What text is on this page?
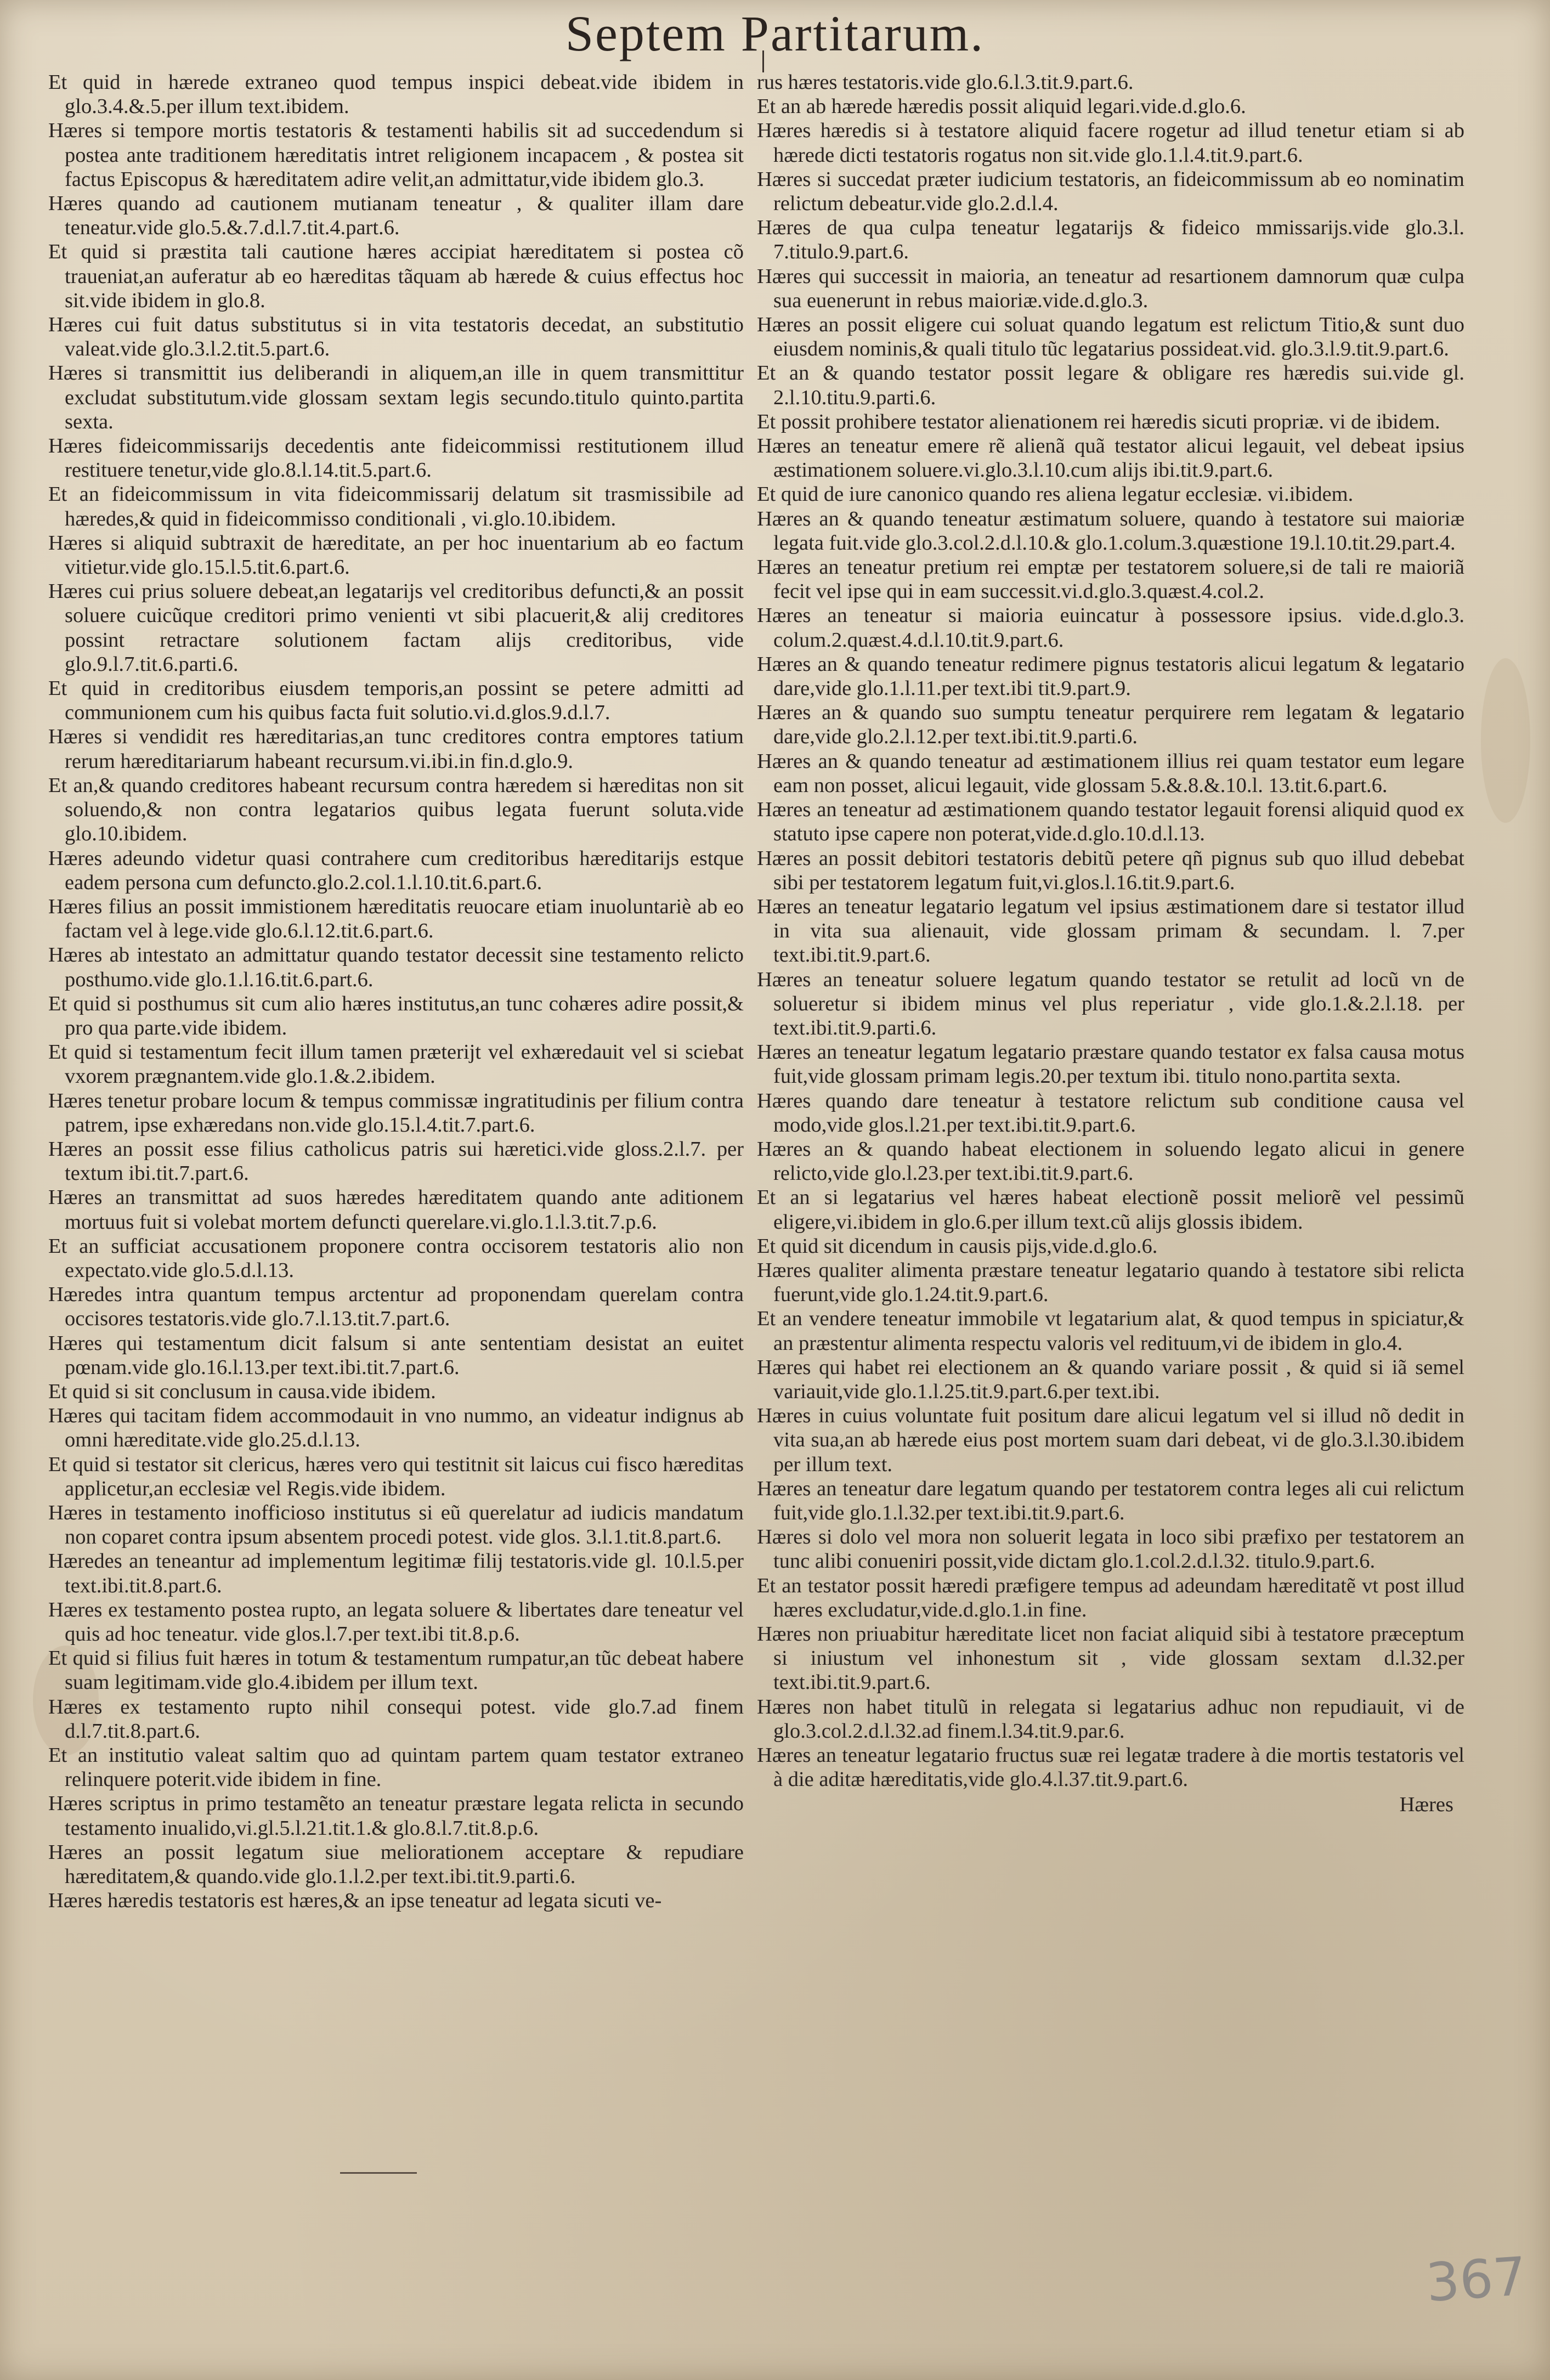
Septem Partitarum.

Et quid in hærede extraneo quod tempus inspici debeat.vide ibidem in glo.3.4.&.5.per illum text.ibidem.

Hæres si tempore mortis testatoris & testamenti habilis sit ad succedendum si postea ante traditionem hæreditatis intret religionem incapacem , & postea sit factus Episcopus & hæreditatem adire velit,an admittatur,vide ibidem glo.3.

Hæres quando ad cautionem mutianam teneatur , & qualiter illam dare teneatur.vide glo.5.&.7.d.l.7.tit.4.part.6.

Et quid si præstita tali cautione hæres accipiat hæreditatem si postea cõ traueniat,an auferatur ab eo hæreditas tãquam ab hærede & cuius effectus hoc sit.vide ibidem in glo.8.

Hæres cui fuit datus substitutus si in vita testatoris decedat, an substitutio valeat.vide glo.3.l.2.tit.5.part.6.

Hæres si transmittit ius deliberandi in aliquem,an ille in quem transmittitur excludat substitutum.vide glossam sextam legis secundo.titulo quinto.partita sexta.

Hæres fideicommissarijs decedentis ante fideicommissi restitutionem illud restituere tenetur,vide glo.8.l.14.tit.5.part.6.

Et an fideicommissum in vita fideicommissarij delatum sit trasmissibile ad hæredes,& quid in fideicommisso conditionali , vi.glo.10.ibidem.

Hæres si aliquid subtraxit de hæreditate, an per hoc inuentarium ab eo factum vitietur.vide glo.15.l.5.tit.6.part.6.

Hæres cui prius soluere debeat,an legatarijs vel creditoribus defuncti,& an possit soluere cuicũque creditori primo venienti vt sibi placuerit,& alij creditores possint retractare solutionem factam alijs creditoribus, vide glo.9.l.7.tit.6.parti.6.

Et quid in creditoribus eiusdem temporis,an possint se petere admitti ad communionem cum his quibus facta fuit solutio.vi.d.glos.9.d.l.7.

Hæres si vendidit res hæreditarias,an tunc creditores contra emptores tatium rerum hæreditariarum habeant recursum.vi.ibi.in fin.d.glo.9.

Et an,& quando creditores habeant recursum contra hæredem si hæreditas non sit soluendo,& non contra legatarios quibus legata fuerunt soluta.vide glo.10.ibidem.

Hæres adeundo videtur quasi contrahere cum creditoribus hæreditarijs estque eadem persona cum defuncto.glo.2.col.1.l.10.tit.6.part.6.

Hæres filius an possit immistionem hæreditatis reuocare etiam inuoluntariè ab eo factam vel à lege.vide glo.6.l.12.tit.6.part.6.

Hæres ab intestato an admittatur quando testator decessit sine testamento relicto posthumo.vide glo.1.l.16.tit.6.part.6.

Et quid si posthumus sit cum alio hæres institutus,an tunc cohæres adire possit,& pro qua parte.vide ibidem.

Et quid si testamentum fecit illum tamen præterijt vel exhæredauit vel si sciebat vxorem prægnantem.vide glo.1.&.2.ibidem.

Hæres tenetur probare locum & tempus commissæ ingratitudinis per filium contra patrem, ipse exhæredans non.vide glo.15.l.4.tit.7.part.6.

Hæres an possit esse filius catholicus patris sui hæretici.vide gloss.2.l.7. per textum ibi.tit.7.part.6.

Hæres an transmittat ad suos hæredes hæreditatem quando ante aditionem mortuus fuit si volebat mortem defuncti querelare.vi.glo.1.l.3.tit.7.p.6.

Et an sufficiat accusationem proponere contra occisorem testatoris alio non expectato.vide glo.5.d.l.13.

Hæredes intra quantum tempus arctentur ad proponendam querelam contra occisores testatoris.vide glo.7.l.13.tit.7.part.6.

Hæres qui testamentum dicit falsum si ante sententiam desistat an euitet pœnam.vide glo.16.l.13.per text.ibi.tit.7.part.6.

Et quid si sit conclusum in causa.vide ibidem.

Hæres qui tacitam fidem accommodauit in vno nummo, an videatur indignus ab omni hæreditate.vide glo.25.d.l.13.

Et quid si testator sit clericus, hæres vero qui testitnit sit laicus cui fisco hæreditas applicetur,an ecclesiæ vel Regis.vide ibidem.

Hæres in testamento inofficioso institutus si eũ querelatur ad iudicis mandatum non coparet contra ipsum absentem procedi potest. vide glos. 3.l.1.tit.8.part.6.

Hæredes an teneantur ad implementum legitimæ filij testatoris.vide gl. 10.l.5.per text.ibi.tit.8.part.6.

Hæres ex testamento postea rupto, an legata soluere & libertates dare teneatur vel quis ad hoc teneatur. vide glos.l.7.per text.ibi tit.8.p.6.

Et quid si filius fuit hæres in totum & testamentum rumpatur,an tũc debeat habere suam legitimam.vide glo.4.ibidem per illum text.

Hæres ex testamento rupto nihil consequi potest. vide glo.7.ad finem d.l.7.tit.8.part.6.

Et an institutio valeat saltim quo ad quintam partem quam testator extraneo relinquere poterit.vide ibidem in fine.

Hæres scriptus in primo testamẽto an teneatur præstare legata relicta in secundo testamento inualido,vi.gl.5.l.21.tit.1.& glo.8.l.7.tit.8.p.6.

Hæres an possit legatum siue meliorationem acceptare & repudiare hæreditatem,& quando.vide glo.1.l.2.per text.ibi.tit.9.parti.6.

Hæres hæredis testatoris est hæres,& an ipse teneatur ad legata sicuti ve-

rus hæres testatoris.vide glo.6.l.3.tit.9.part.6.

Et an ab hærede hæredis possit aliquid legari.vide.d.glo.6.

Hæres hæredis si à testatore aliquid facere rogetur ad illud tenetur etiam si ab hærede dicti testatoris rogatus non sit.vide glo.1.l.4.tit.9.part.6.

Hæres si succedat præter iudicium testatoris, an fideicommissum ab eo nominatim relictum debeatur.vide glo.2.d.l.4.

Hæres de qua culpa teneatur legatarijs & fideico mmissarijs.vide glo.3.l. 7.titulo.9.part.6.

Hæres qui successit in maioria, an teneatur ad resartionem damnorum quæ culpa sua euenerunt in rebus maioriæ.vide.d.glo.3.

Hæres an possit eligere cui soluat quando legatum est relictum Titio,& sunt duo eiusdem nominis,& quali titulo tũc legatarius possideat.vid. glo.3.l.9.tit.9.part.6.

Et an & quando testator possit legare & obligare res hæredis sui.vide gl. 2.l.10.titu.9.parti.6.

Et possit prohibere testator alienationem rei hæredis sicuti propriæ. vi de ibidem.

Hæres an teneatur emere rẽ alienã quã testator alicui legauit, vel debeat ipsius æstimationem soluere.vi.glo.3.l.10.cum alijs ibi.tit.9.part.6.

Et quid de iure canonico quando res aliena legatur ecclesiæ. vi.ibidem.

Hæres an & quando teneatur æstimatum soluere, quando à testatore sui maioriæ legata fuit.vide glo.3.col.2.d.l.10.& glo.1.colum.3.quæstione 19.l.10.tit.29.part.4.

Hæres an teneatur pretium rei emptæ per testatorem soluere,si de tali re maioriã fecit vel ipse qui in eam successit.vi.d.glo.3.quæst.4.col.2.

Hæres an teneatur si maioria euincatur à possessore ipsius. vide.d.glo.3. colum.2.quæst.4.d.l.10.tit.9.part.6.

Hæres an & quando teneatur redimere pignus testatoris alicui legatum & legatario dare,vide glo.1.l.11.per text.ibi tit.9.part.9.

Hæres an & quando suo sumptu teneatur perquirere rem legatam & legatario dare,vide glo.2.l.12.per text.ibi.tit.9.parti.6.

Hæres an & quando teneatur ad æstimationem illius rei quam testator eum legare eam non posset, alicui legauit, vide glossam 5.&.8.&.10.l. 13.tit.6.part.6.

Hæres an teneatur ad æstimationem quando testator legauit forensi aliquid quod ex statuto ipse capere non poterat,vide.d.glo.10.d.l.13.

Hæres an possit debitori testatoris debitũ petere qñ pignus sub quo illud debebat sibi per testatorem legatum fuit,vi.glos.l.16.tit.9.part.6.

Hæres an teneatur legatario legatum vel ipsius æstimationem dare si testator illud in vita sua alienauit, vide glossam primam & secundam. l. 7.per text.ibi.tit.9.part.6.

Hæres an teneatur soluere legatum quando testator se retulit ad locũ vn de solueretur si ibidem minus vel plus reperiatur , vide glo.1.&.2.l.18. per text.ibi.tit.9.parti.6.

Hæres an teneatur legatum legatario præstare quando testator ex falsa causa motus fuit,vide glossam primam legis.20.per textum ibi. titulo nono.partita sexta.

Hæres quando dare teneatur à testatore relictum sub conditione causa vel modo,vide glos.l.21.per text.ibi.tit.9.part.6.

Hæres an & quando habeat electionem in soluendo legato alicui in genere relicto,vide glo.l.23.per text.ibi.tit.9.part.6.

Et an si legatarius vel hæres habeat electionẽ possit meliorẽ vel pessimũ eligere,vi.ibidem in glo.6.per illum text.cũ alijs glossis ibidem.

Et quid sit dicendum in causis pijs,vide.d.glo.6.

Hæres qualiter alimenta præstare teneatur legatario quando à testatore sibi relicta fuerunt,vide glo.1.24.tit.9.part.6.

Et an vendere teneatur immobile vt legatarium alat, & quod tempus in spiciatur,& an præstentur alimenta respectu valoris vel redituum,vi de ibidem in glo.4.

Hæres qui habet rei electionem an & quando variare possit , & quid si iã semel variauit,vide glo.1.l.25.tit.9.part.6.per text.ibi.

Hæres in cuius voluntate fuit positum dare alicui legatum vel si illud nõ dedit in vita sua,an ab hærede eius post mortem suam dari debeat, vi de glo.3.l.30.ibidem per illum text.

Hæres an teneatur dare legatum quando per testatorem contra leges ali cui relictum fuit,vide glo.1.l.32.per text.ibi.tit.9.part.6.

Hæres si dolo vel mora non soluerit legata in loco sibi præfixo per testatorem an tunc alibi conueniri possit,vide dictam glo.1.col.2.d.l.32. titulo.9.part.6.

Et an testator possit hæredi præfigere tempus ad adeundam hæreditatẽ vt post illud hæres excludatur,vide.d.glo.1.in fine.

Hæres non priuabitur hæreditate licet non faciat aliquid sibi à testatore præceptum si iniustum vel inhonestum sit , vide glossam sextam d.l.32.per text.ibi.tit.9.part.6.

Hæres non habet titulũ in relegata si legatarius adhuc non repudiauit, vi de glo.3.col.2.d.l.32.ad finem.l.34.tit.9.par.6.

Hæres an teneatur legatario fructus suæ rei legatæ tradere à die mortis testatoris vel à die aditæ hæreditatis,vide glo.4.l.37.tit.9.part.6.

Hæres
367
